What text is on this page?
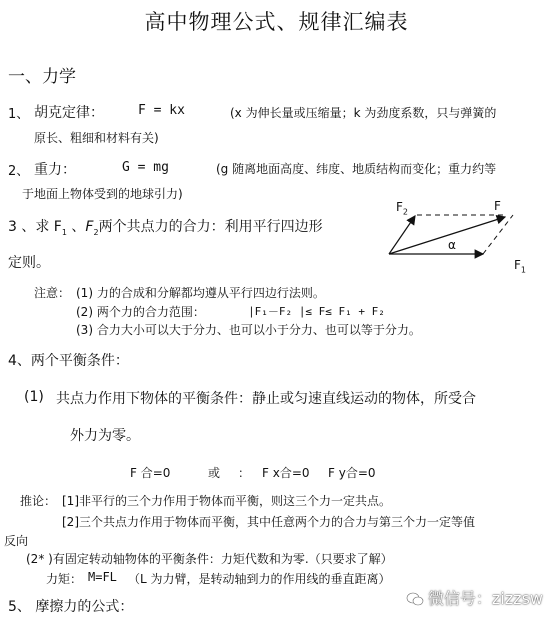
高中物理公式、规律汇编表
一、力学
1、 胡克定律：	F = kx	(x 为伸长量或压缩量；k 为劲度系数，只与弹簧的
原长、粗细和材料有关)
2、 重力：	G = mg	(g 随离地面高度、纬度、地质结构而变化；重力约等
于地面上物体受到的地球引力)
3 、求 $F_1$ 、$F_2$两个共点力的合力：利用平行四边形
定则。
$F_2$	F
α
$F_1$
注意： (1) 力的合成和分解都均遵从平行四边行法则。
(2) 两个力的合力范围：	∣F₁－F₂ ∣≤ F≤ F₁ + F₂
(3) 合力大小可以大于分力、也可以小于分力、也可以等于分力。
4、两个平衡条件：
(1) 共点力作用下物体的平衡条件：静止或匀速直线运动的物体，所受合
外力为零。
F 合=0	或 ： F x合=0 F y合=0
推论： [1]非平行的三个力作用于物体而平衡，则这三个力一定共点。
[2]三个共点力作用于物体而平衡，其中任意两个力的合力与第三个力一定等值
反向
(2* )有固定转动轴物体的平衡条件：力矩代数和为零.（只要求了解）
力矩： M=FL （L 为力臂，是转动轴到力的作用线的垂直距离）
5、 摩擦力的公式：	微信号：zizzsw
